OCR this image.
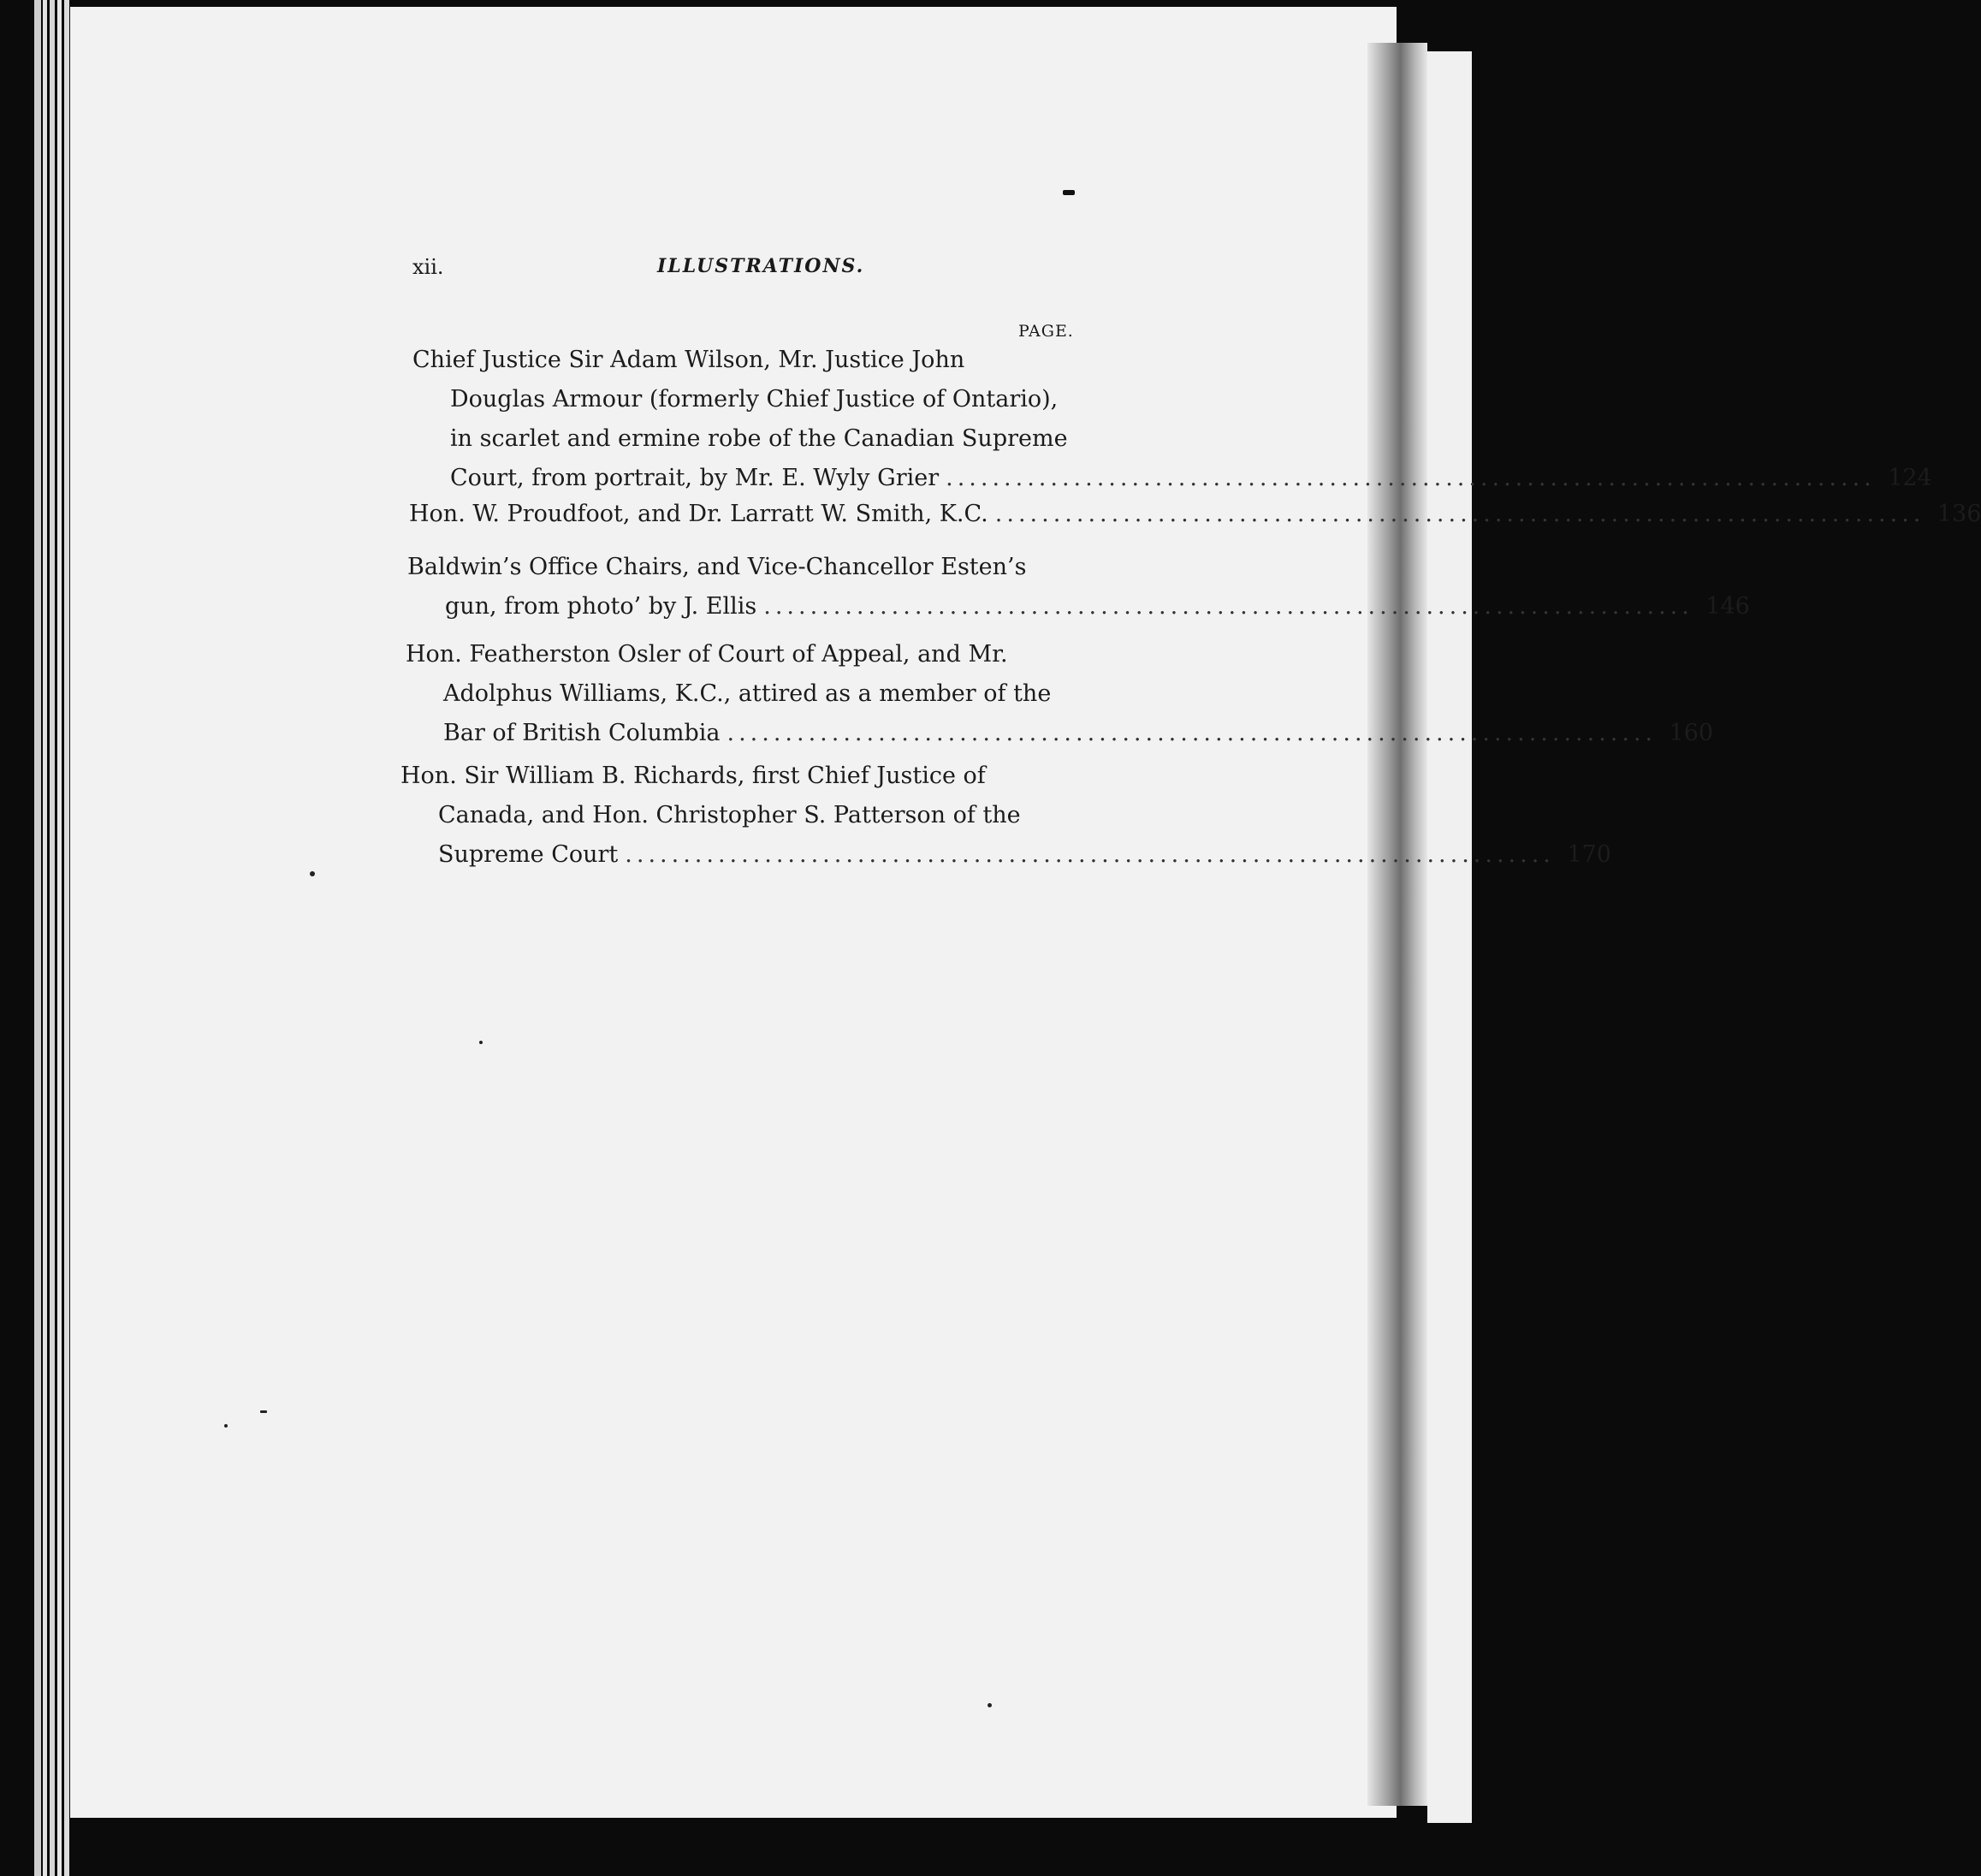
xii.	ILLUSTRATIONS.
PAGE.
Chief Justice Sir Adam Wilson, Mr. Justice John
Douglas Armour (formerly Chief Justice of Ontario),
in scarlet and ermine robe of the Canadian Supreme
Court, from portrait, by Mr. E. Wyly Grier ................................................................................ 124
Hon. W. Proudfoot, and Dr. Larratt W. Smith, K.C. ................................................................................ 136
Baldwin’s Office Chairs, and Vice-Chancellor Esten’s
gun, from photo’ by J. Ellis ................................................................................ 146
Hon. Featherston Osler of Court of Appeal, and Mr.
Adolphus Williams, K.C., attired as a member of the
Bar of British Columbia ................................................................................ 160
Hon. Sir William B. Richards, first Chief Justice of
Canada, and Hon. Christopher S. Patterson of the
Supreme Court ................................................................................ 170
